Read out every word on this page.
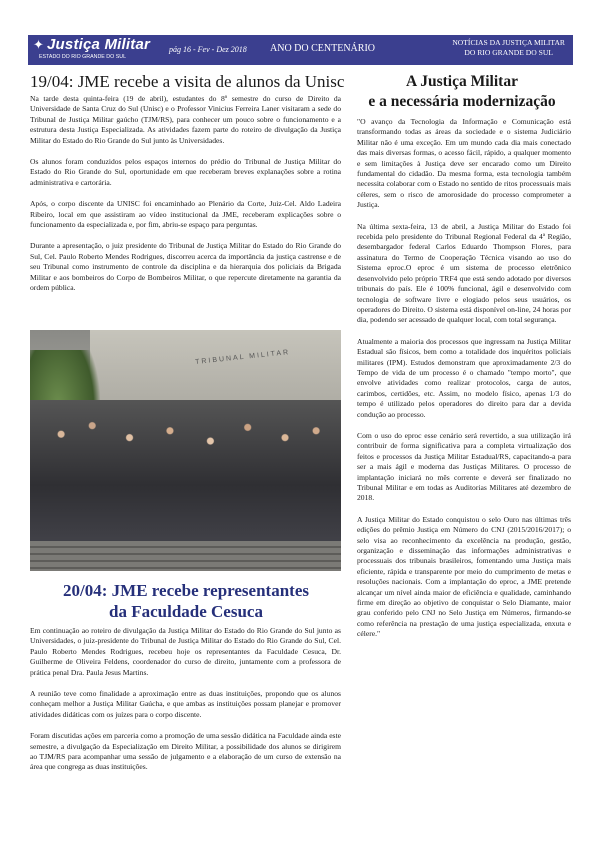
✦ Justiça Militar
ESTADO DO RIO GRANDE DO SUL
pág 16 - Fev - Dez 2018 ANO DO CENTENÁRIO
NOTÍCIAS DA JUSTIÇA MILITAR
DO RIO GRANDE DO SUL
19/04: JME recebe a visita de alunos da Unisc

Na tarde desta quinta-feira (19 de abril), estudantes do 8º semestre do curso de Direito da Universidade de Santa Cruz do Sul (Unisc) e o Professor Vinicius Ferreira Laner visitaram a sede do Tribunal de Justiça Militar gaúcho (TJM/RS), para conhecer um pouco sobre o funcionamento e a estrutura desta Justiça Especializada. As atividades fazem parte do roteiro de divulgação da Justiça Militar do Estado do Rio Grande do Sul junto às Universidades.

Os alunos foram conduzidos pelos espaços internos do prédio do Tribunal de Justiça Militar do Estado do Rio Grande do Sul, oportunidade em que receberam breves explanações sobre a rotina administrativa e cartorária.

Após, o corpo discente da UNISC foi encaminhado ao Plenário da Corte, Juiz-Cel. Aldo Ladeira Ribeiro, local em que assistiram ao vídeo institucional da JME, receberam explicações sobre o funcionamento da especializada e, por fim, abriu-se espaço para perguntas.

Durante a apresentação, o juiz presidente do Tribunal de Justiça Militar do Estado do Rio Grande do Sul, Cel. Paulo Roberto Mendes Rodrigues, discorreu acerca da importância da justiça castrense e de seu Tribunal como instrumento de controle da disciplina e da hierarquia dos policiais da Brigada Militar e aos bombeiros do Corpo de Bombeiros Militar, o que repercute diretamente na garantia da ordem pública.

TRIBUNAL MILITAR
20/04: JME recebe representantes
da Faculdade Cesuca

Em continuação ao roteiro de divulgação da Justiça Militar do Estado do Rio Grande do Sul junto as Universidades, o juiz-presidente do Tribunal de Justiça Militar do Estado do Rio Grande do Sul, Cel. Paulo Roberto Mendes Rodrigues, recebeu hoje os representantes da Faculdade Cesuca, Dr. Guilherme de Oliveira Feldens, coordenador do curso de direito, juntamente com a professora de prática penal Dra. Paula Jesus Martins.

A reunião teve como finalidade a aproximação entre as duas instituições, propondo que os alunos conheçam melhor a Justiça Militar Gaúcha, e que ambas as instituições possam planejar e promover atividades didáticas com os juízes para o corpo discente.

Foram discutidas ações em parceria como a promoção de uma sessão didática na Faculdade ainda este semestre, a divulgação da Especialização em Direito Militar, a possibilidade dos alunos se dirigirem ao TJM/RS para acompanhar uma sessão de julgamento e a elaboração de um curso de extensão na área que congrega as duas instituições.

A Justiça Militar
e a necessária modernização

"O avanço da Tecnologia da Informação e Comunicação está transformando todas as áreas da sociedade e o sistema Judiciário Militar não é uma exceção. Em um mundo cada dia mais conectado das mais diversas formas, o acesso fácil, rápido, a qualquer momento e sem limitações à Justiça deve ser encarado como um Direito fundamental do cidadão. Da mesma forma, esta tecnologia também necessita colaborar com o Estado no sentido de ritos processuais mais céleres, sem o risco de amorosidade do processo comprometer a Justiça.

Na última sexta-feira, 13 de abril, a Justiça Militar do Estado foi recebida pelo presidente do Tribunal Regional Federal da 4ª Região, desembargador federal Carlos Eduardo Thompson Flores, para assinatura do Termo de Cooperação Técnica visando ao uso do Sistema eproc.O eproc é um sistema de processo eletrônico desenvolvido pelo próprio TRF4 que está sendo adotado por diversos tribunais do país. Ele é 100% funcional, ágil e desenvolvido com tecnologia de software livre e elogiado pelos seus usuários, os operadores do Direito. O sistema está disponível on-line, 24 horas por dia, podendo ser acessado de qualquer local, com total segurança.

Atualmente a maioria dos processos que ingressam na Justiça Militar Estadual são físicos, bem como a totalidade dos inquéritos policiais militares (IPM). Estudos demonstram que aproximadamente 2/3 do Tempo de vida de um processo é o chamado "tempo morto", que envolve atividades como realizar protocolos, carga de autos, carimbos, certidões, etc. Assim, no modelo físico, apenas 1/3 do tempo é utilizado pelos operadores do direito para dar a devida condução ao processo.

Com o uso do eproc esse cenário será revertido, a sua utilização irá contribuir de forma significativa para a completa virtualização dos feitos e processos da Justiça Militar Estadual/RS, capacitando-a para ser a mais ágil e moderna das Justiças Militares. O processo de implantação iniciará no mês corrente e deverá ser finalizado no Tribunal Militar e em todas as Auditorias Militares até dezembro de 2018.

A Justiça Militar do Estado conquistou o selo Ouro nas últimas três edições do prêmio Justiça em Número do CNJ (2015/2016/2017); o selo visa ao reconhecimento da excelência na produção, gestão, organização e disseminação das informações administrativas e processuais dos tribunais brasileiros, fomentando uma Justiça mais eficiente, rápida e transparente por meio do cumprimento de metas e resoluções nacionais. Com a implantação do eproc, a JME pretende alcançar um nível ainda maior de eficiência e qualidade, caminhando firme em direção ao objetivo de conquistar o Selo Diamante, maior grau conferido pelo CNJ no Selo Justiça em Números, firmando-se como referência na prestação de uma justiça especializada, enxuta e célere."
